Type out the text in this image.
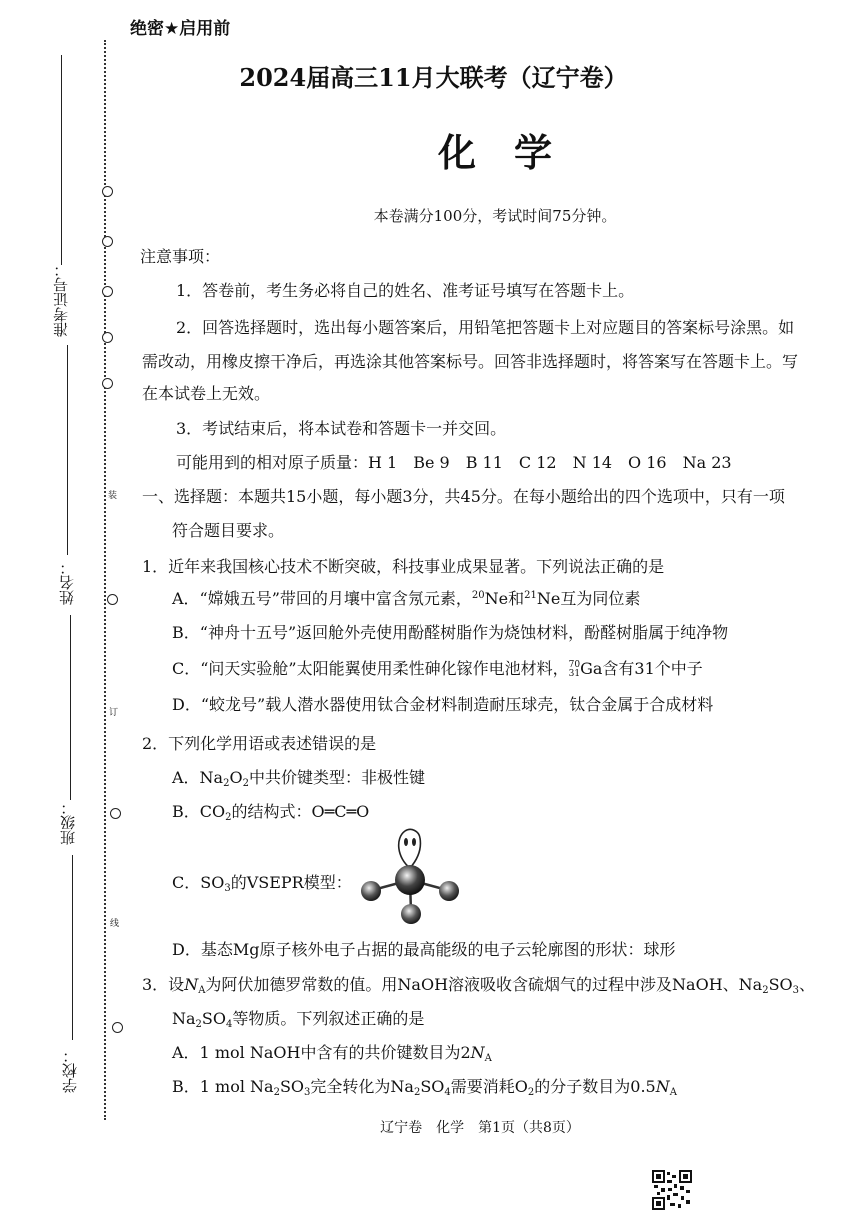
绝密★启用前
准考证号：
姓名：
班级：
学校：
装
订
线
2024届高三11月大联考（辽宁卷）
化　学
本卷满分100分，考试时间75分钟。
注意事项：
1．答卷前，考生务必将自己的姓名、准考证号填写在答题卡上。
2．回答选择题时，选出每小题答案后，用铅笔把答题卡上对应题目的答案标号涂黑。如
需改动，用橡皮擦干净后，再选涂其他答案标号。回答非选择题时，将答案写在答题卡上。写
在本试卷上无效。
3．考试结束后，将本试卷和答题卡一并交回。
可能用到的相对原子质量：H 1　Be 9　B 11　C 12　N 14　O 16　Na 23
一、选择题：本题共15小题，每小题3分，共45分。在每小题给出的四个选项中，只有一项
符合题目要求。
1．近年来我国核心技术不断突破，科技事业成果显著。下列说法正确的是
A．“嫦娥五号”带回的月壤中富含氖元素，$^{20}$Ne和$^{21}$Ne互为同位素
B．“神舟十五号”返回舱外壳使用酚醛树脂作为烧蚀材料，酚醛树脂属于纯净物
C．“问天实验舱”太阳能翼使用柔性砷化镓作电池材料， 70
31 Ga含有31个中子
D．“蛟龙号”载人潜水器使用钛合金材料制造耐压球壳，钛合金属于合成材料
2．下列化学用语或表述错误的是
A．$Na_2O_2$中共价键类型：非极性键
B．$CO_2$的结构式：O═C═O
C．$SO_3$的VSEPR模型：
D．基态Mg原子核外电子占据的最高能级的电子云轮廓图的形状：球形
3．设$N_A$为阿伏加德罗常数的值。用NaOH溶液吸收含硫烟气的过程中涉及NaOH、$Na_2SO_3$、
$Na_2SO_4$等物质。下列叙述正确的是
A．1 mol NaOH中含有的共价键数目为$2N_A$
B．1 mol $Na_2SO_3$完全转化为$Na_2SO_4$需要消耗$O_2$的分子数目为$0.5N_A$
辽宁卷　化学　第1页（共8页）
